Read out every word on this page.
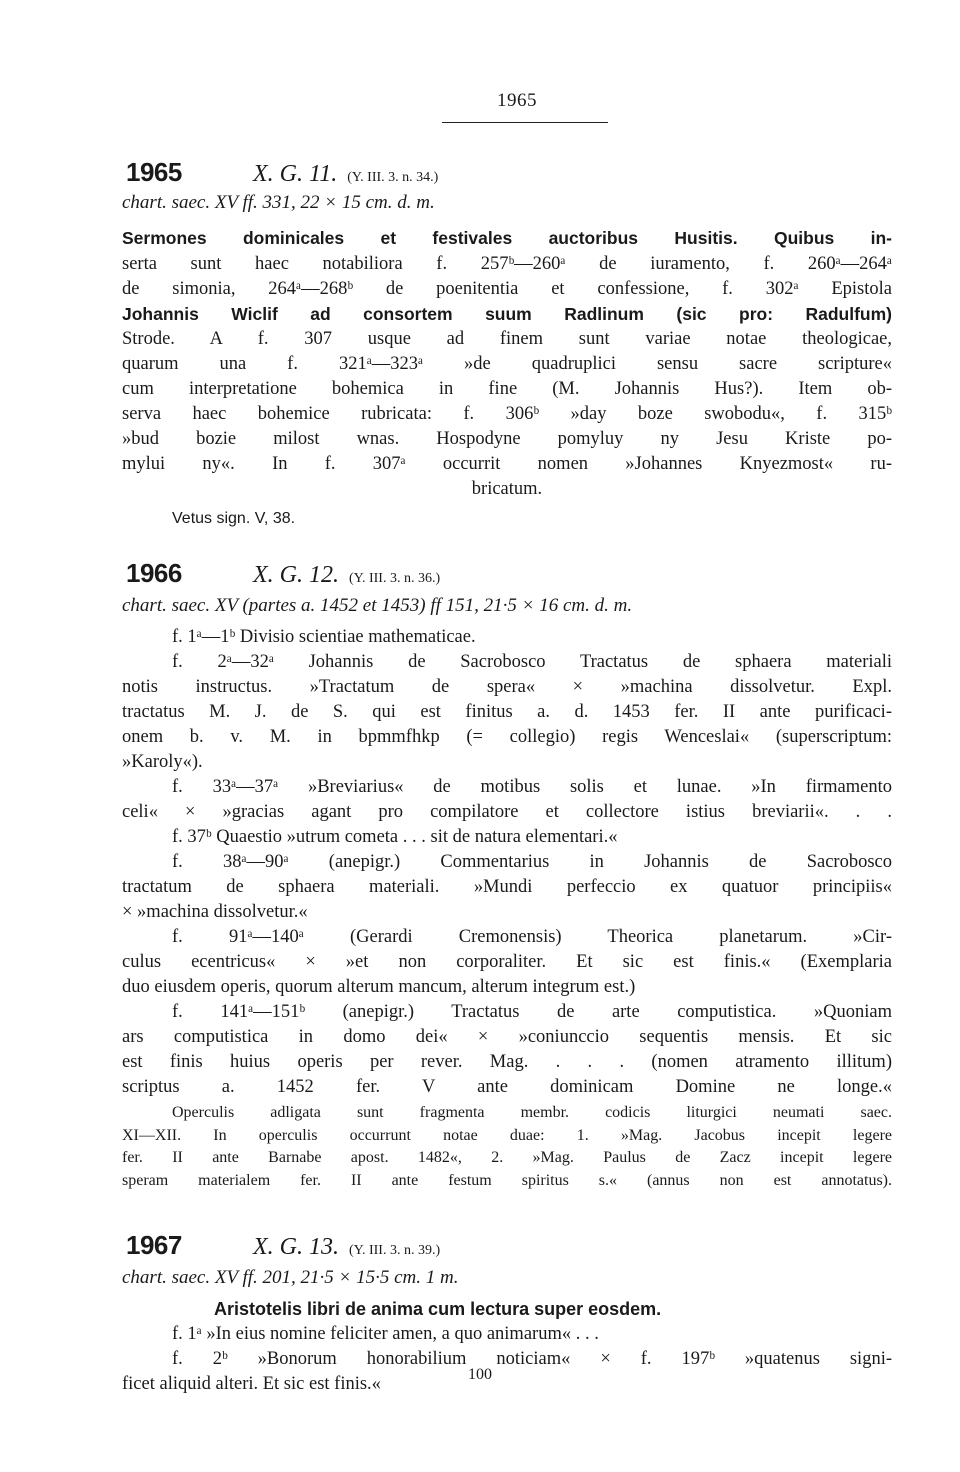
1965
1965	X. G. 11. (Y. III. 3. n. 34.)
chart. saec. XV ff. 331, 22 × 15 cm. d. m.
Sermones dominicales et festivales auctoribus Husitis. Quibus in-
serta sunt haec notabiliora f. 257ᵇ—260ᵃ de iuramento, f. 260ᵃ—264ᵃ
de simonia, 264ᵃ—268ᵇ de poenitentia et confessione, f. 302ᵃ Epistola
Johannis Wiclif ad consortem suum Radlinum (sic pro: Radulfum)
Strode. A f. 307 usque ad finem sunt variae notae theologicae,
quarum una f. 321ᵃ—323ᵃ »de quadruplici sensu sacre scripture«
cum interpretatione bohemica in fine (M. Johannis Hus?). Item ob-
serva haec bohemice rubricata: f. 306ᵇ »day boze swobodu«, f. 315ᵇ
»bud bozie milost wnas. Hospodyne pomyluy ny Jesu Kriste po-
mylui ny«. In f. 307ᵃ occurrit nomen »Johannes Knyezmost« ru-
bricatum.
Vetus sign. V, 38.
1966	X. G. 12. (Y. III. 3. n. 36.)
chart. saec. XV (partes a. 1452 et 1453) ff 151, 21·5 × 16 cm. d. m.
f. 1ᵃ—1ᵇ Divisio scientiae mathematicae.
f. 2ᵃ—32ᵃ Johannis de Sacrobosco Tractatus de sphaera materiali
notis instructus. »Tractatum de spera« × »machina dissolvetur. Expl.
tractatus M. J. de S. qui est finitus a. d. 1453 fer. II ante purificaci-
onem b. v. M. in bpmmfhkp (= collegio) regis Wenceslai« (superscriptum:
»Karoly«).
f. 33ᵃ—37ᵃ »Breviarius« de motibus solis et lunae. »In firmamento
celi« × »gracias agant pro compilatore et collectore istius breviarii«. . .
f. 37ᵇ Quaestio »utrum cometa . . . sit de natura elementari.«
f. 38ᵃ—90ᵃ (anepigr.) Commentarius in Johannis de Sacrobosco
tractatum de sphaera materiali. »Mundi perfeccio ex quatuor principiis«
× »machina dissolvetur.«
f. 91ᵃ—140ᵃ (Gerardi Cremonensis) Theorica planetarum. »Cir-
culus ecentricus« × »et non corporaliter. Et sic est finis.« (Exemplaria
duo eiusdem operis, quorum alterum mancum, alterum integrum est.)
f. 141ᵃ—151ᵇ (anepigr.) Tractatus de arte computistica. »Quoniam
ars computistica in domo dei« × »coniunccio sequentis mensis. Et sic
est finis huius operis per rever. Mag. . . . (nomen atramento illitum)
scriptus a. 1452 fer. V ante dominicam Domine ne longe.«
Operculis adligata sunt fragmenta membr. codicis liturgici neumati saec.
XI—XII. In operculis occurrunt notae duae: 1. »Mag. Jacobus incepit legere
fer. II ante Barnabe apost. 1482«, 2. »Mag. Paulus de Zacz incepit legere
speram materialem fer. II ante festum spiritus s.« (annus non est annotatus).
1967	X. G. 13. (Y. III. 3. n. 39.)
chart. saec. XV ff. 201, 21·5 × 15·5 cm. 1 m.
Aristotelis libri de anima cum lectura super eosdem.
f. 1ᵃ »In eius nomine feliciter amen, a quo animarum« . . .
f. 2ᵇ »Bonorum honorabilium noticiam« × f. 197ᵇ »quatenus signi-
ficet aliquid alteri. Et sic est finis.«	100
